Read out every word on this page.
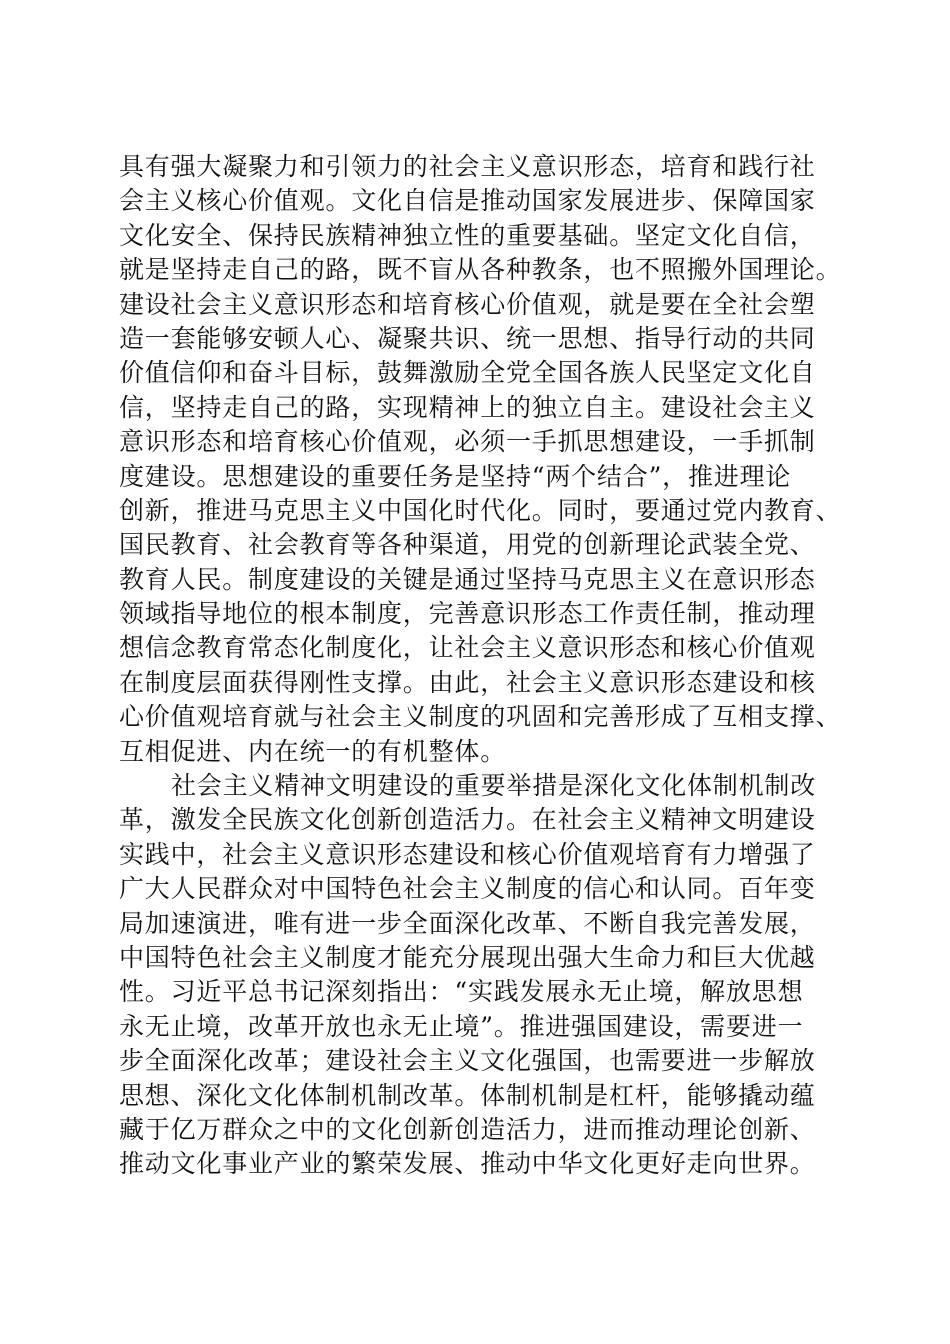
具有强大凝聚力和引领力的社会主义意识形态，培育和践行社
会主义核心价值观。文化自信是推动国家发展进步、保障国家
文化安全、保持民族精神独立性的重要基础。坚定文化自信，
就是坚持走自己的路，既不盲从各种教条，也不照搬外国理论。
建设社会主义意识形态和培育核心价值观，就是要在全社会塑
造一套能够安顿人心、凝聚共识、统一思想、指导行动的共同
价值信仰和奋斗目标，鼓舞激励全党全国各族人民坚定文化自
信，坚持走自己的路，实现精神上的独立自主。建设社会主义
意识形态和培育核心价值观，必须一手抓思想建设，一手抓制
度建设。思想建设的重要任务是坚持“两个结合”，推进理论
创新，推进马克思主义中国化时代化。同时，要通过党内教育、
国民教育、社会教育等各种渠道，用党的创新理论武装全党、
教育人民。制度建设的关键是通过坚持马克思主义在意识形态
领域指导地位的根本制度，完善意识形态工作责任制，推动理
想信念教育常态化制度化，让社会主义意识形态和核心价值观
在制度层面获得刚性支撑。由此，社会主义意识形态建设和核
心价值观培育就与社会主义制度的巩固和完善形成了互相支撑、
互相促进、内在统一的有机整体。
社会主义精神文明建设的重要举措是深化文化体制机制改
革，激发全民族文化创新创造活力。在社会主义精神文明建设
实践中，社会主义意识形态建设和核心价值观培育有力增强了
广大人民群众对中国特色社会主义制度的信心和认同。百年变
局加速演进，唯有进一步全面深化改革、不断自我完善发展，
中国特色社会主义制度才能充分展现出强大生命力和巨大优越
性。习近平总书记深刻指出：“实践发展永无止境，解放思想
永无止境，改革开放也永无止境”。推进强国建设，需要进一
步全面深化改革；建设社会主义文化强国，也需要进一步解放
思想、深化文化体制机制改革。体制机制是杠杆，能够撬动蕴
藏于亿万群众之中的文化创新创造活力，进而推动理论创新、
推动文化事业产业的繁荣发展、推动中华文化更好走向世界。
